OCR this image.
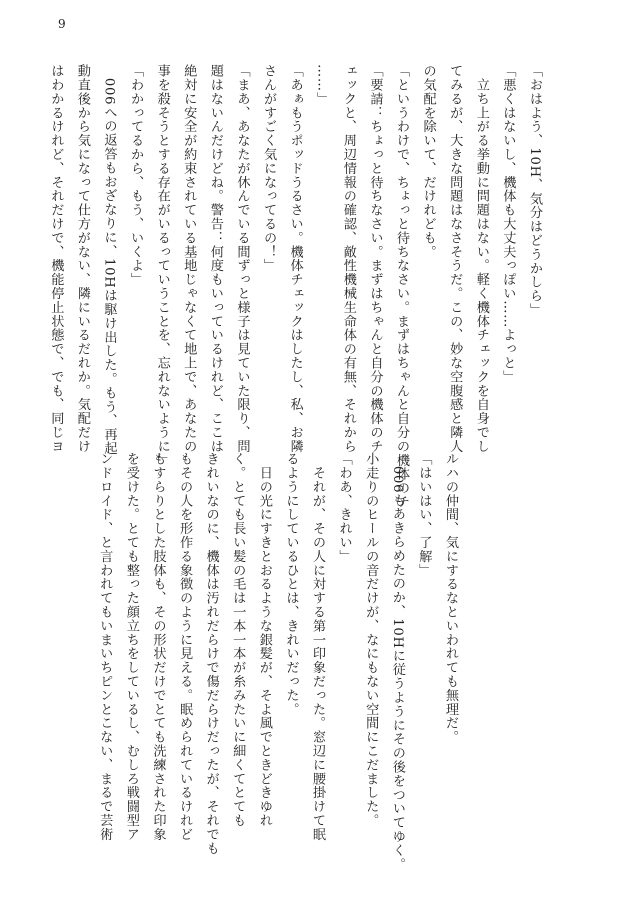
9
「おはよう、10H、気分はどうかしら」
「悪くはないし、機体も大丈夫っぽい……よっと」
　立ち上がる挙動に問題はない。軽く機体チェックを自身でし
てみるが、大きな問題はなさそうだ。この、妙な空腹感と隣人
の気配を除いて、だけれども。
「というわけで、ちょっと待ちなさい。まずはちゃんと自分の機体のチ
「要請：ちょっと待ちなさい。まずはちゃんと自分の機体のチ
ェックと、周辺情報の確認、敵性機械生命体の有無、それから
……」
「あぁもうポッドうるさい。機体チェックはしたし、私、お隣
さんがすごく気になってるの！」
「まあ、あなたが休んでいる間ずっと様子は見ていた限り、問
題はないんだけどね。警告：何度もいっているけれど、ここは
絶対に安全が約束されている基地じゃなくて地上で、あなたの
事を殺そうとする存在がいるっていうことを、忘れないように」
「わかってるから、もう、いくよ」
　006への返答もおざなりに、10Hは駆け出した。もう、再起
動直後から気になって仕方がない、隣にいるだれか。気配だけ
はわかるけれど、それだけで、機能停止状態で、でも、同じヨ
ルハの仲間、気にするなといわれても無理だ。
「はいはい、了解」
　006もあきらめたのか、10Hに従うようにその後をついてゆく。
小走りのヒールの音だけが、なにもない空間にこだました。
「わあ、きれい」
　それが、その人に対する第一印象だった。窓辺に腰掛けて眠
るようにしているひとは、きれいだった。
　日の光にすきとおるような銀髪が、そよ風でときどきゆれ
く。とても長い髪の毛は一本一本が糸みたいに細くてとても
きれいなのに、機体は汚れだらけで傷だらけだったが、それでも
もその人を形作る象徴のように見える。眠められているけれど
もすらりとした肢体も、その形状だけでとても洗練された印象
を受けた。とても整った顔立ちをしているし、むしろ戦闘型ア
ンドロイド、と言われてもいまいちピンとこない、まるで芸術
